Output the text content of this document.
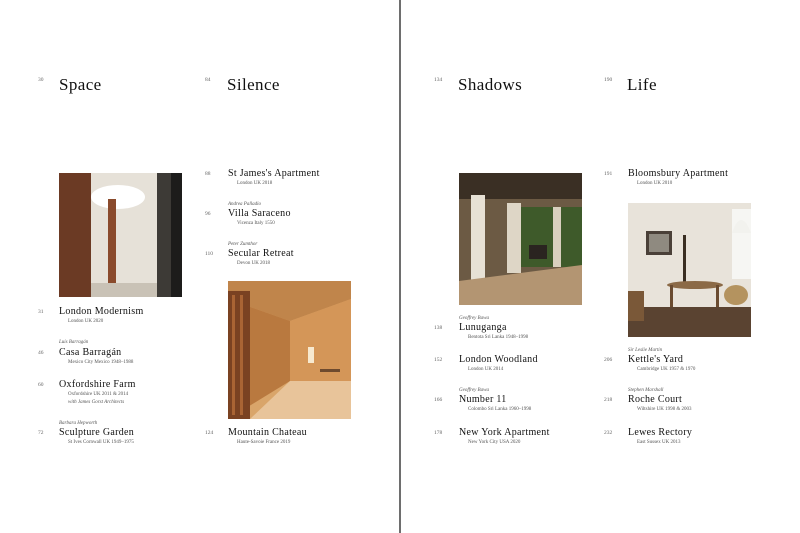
30 Space	84 Silence	134 Shadows	190 Life
31 London Modernism
London UK 2020
Luis Barragán
46 Casa Barragán
Mexico City Mexico 1948–1988
60 Oxfordshire Farm
Oxfordshire UK 2011 & 2014
with James Gorst Architects
Barbara Hepworth
72 Sculpture Garden
St Ives Cornwall UK 1949–1975
88 St James's Apartment
London UK 2018
Andrea Palladio
96 Villa Saraceno
Vicenza Italy 1550
Peter Zumthor
110 Secular Retreat
Devon UK 2018
124 Mountain Chateau
Haute-Savoie France 2019
Geoffrey Bawa
138 Lunuganga
Bentota Sri Lanka 1948–1998
152 London Woodland
London UK 2014
Geoffrey Bawa
166 Number 11
Colombo Sri Lanka 1960–1998
178 New York Apartment
New York City USA 2020
191 Bloomsbury Apartment
London UK 2010
Sir Leslie Martin
206 Kettle's Yard
Cambridge UK 1957 & 1970
Stephen Marshall
218 Roche Court
Wiltshire UK 1998 & 2003
232 Lewes Rectory
East Sussex UK 2013
